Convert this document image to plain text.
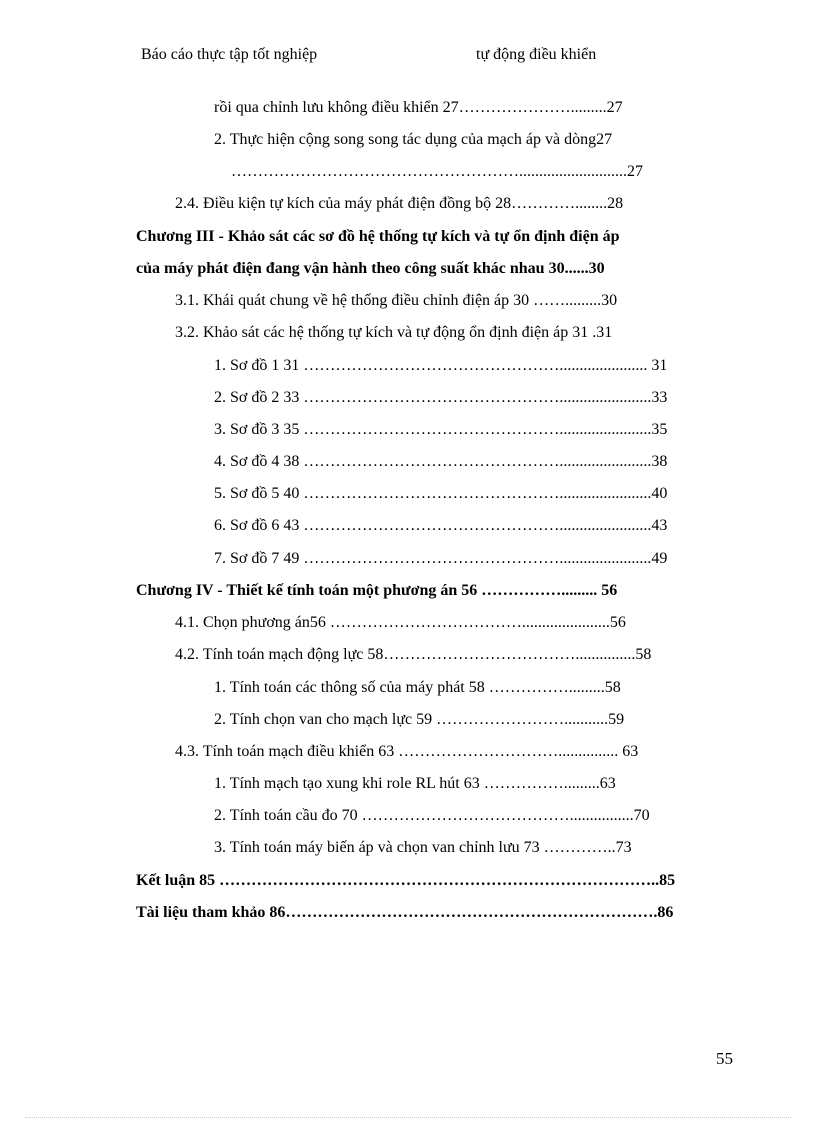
Báo cáo thực tập tốt nghiệp	tự động điều khiển
rồi qua chỉnh lưu không điều khiển 27………………….........27
2. Thực hiện cộng song song tác dụng của mạch áp và dòng27
………………………………………………...........................27
2.4. Điều kiện tự kích của máy phát điện đồng bộ 28…………........28
Chương III - Khảo sát các sơ đồ hệ thống tự kích và tự ổn định điện áp
của máy phát điện đang vận hành theo công suất khác nhau 30......30
3.1. Khái quát chung về hệ thống điều chỉnh điện áp 30 …….........30
3.2. Khảo sát các hệ thống tự kích và tự động ổn định điện áp 31 .31
1. Sơ đồ 1 31 …………………………………………...................... 31
2. Sơ đồ 2 33 ………………………………………….......................33
3. Sơ đồ 3 35 ………………………………………….......................35
4. Sơ đồ 4 38 ………………………………………….......................38
5. Sơ đồ 5 40 ………………………………………….......................40
6. Sơ đồ 6 43 ………………………………………….......................43
7. Sơ đồ 7 49 ………………………………………….......................49
Chương IV - Thiết kế tính toán một phương án 56 ……………......... 56
4.1. Chọn phương án56 ………………………………......................56
4.2. Tính toán mạch động lực 58………………………………...............58
1. Tính toán các thông số của máy phát 58 …………….........58
2. Tính chọn van cho mạch lực 59 ……………………...........59
4.3. Tính toán mạch điều khiển 63 …………………………............... 63
1. Tính mạch tạo xung khi role RL hút 63 …………….........63
2. Tính toán cầu đo 70 …………………………………................70
3. Tính toán máy biến áp và chọn van chỉnh lưu 73 …………..73
Kết luận 85 ………………………………………………………………………..85
Tài liệu tham khảo 86…………………………………………………………….86
55
